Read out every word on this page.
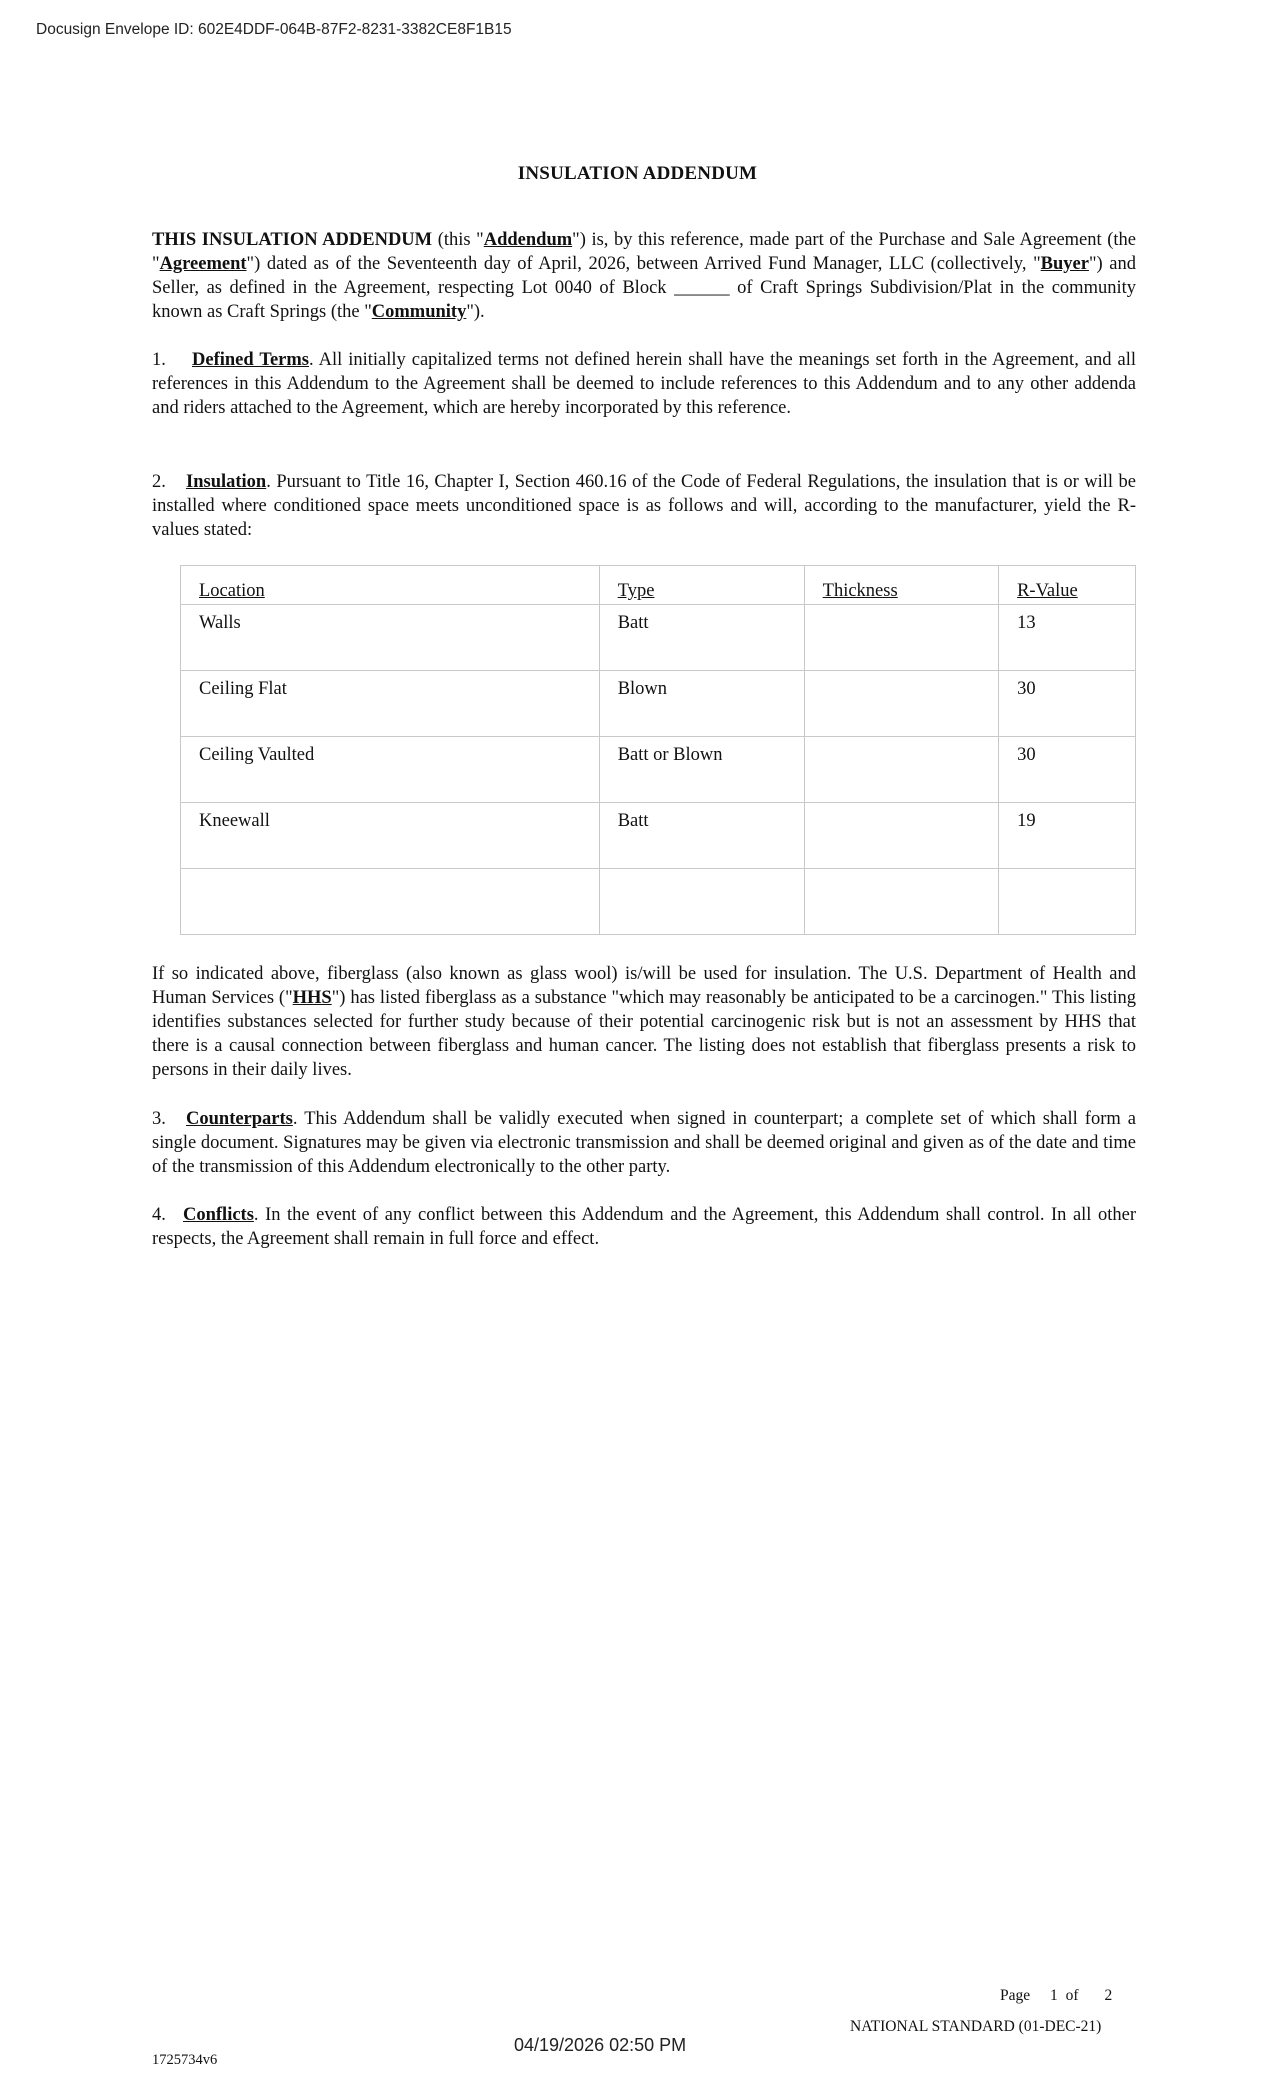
Docusign Envelope ID: 602E4DDF-064B-87F2-8231-3382CE8F1B15
INSULATION ADDENDUM

THIS INSULATION ADDENDUM (this "Addendum") is, by this reference, made part of the Purchase and Sale Agreement (the "Agreement") dated as of the Seventeenth day of April, 2026, between Arrived Fund Manager, LLC (collectively, "Buyer") and Seller, as defined in the Agreement, respecting Lot 0040 of Block ______ of Craft Springs Subdivision/Plat in the community known as Craft Springs (the "Community").

1. Defined Terms. All initially capitalized terms not defined herein shall have the meanings set forth in the Agreement, and all references in this Addendum to the Agreement shall be deemed to include references to this Addendum and to any other addenda and riders attached to the Agreement, which are hereby incorporated by this reference.

2. Insulation. Pursuant to Title 16, Chapter I, Section 460.16 of the Code of Federal Regulations, the insulation that is or will be installed where conditioned space meets unconditioned space is as follows and will, according to the manufacturer, yield the R-values stated:

Location	Type	Thickness	R-Value
Walls	Batt		13
Ceiling Flat	Blown		30
Ceiling Vaulted	Batt or Blown		30
Kneewall	Batt		19

If so indicated above, fiberglass (also known as glass wool) is/will be used for insulation. The U.S. Department of Health and Human Services ("HHS") has listed fiberglass as a substance "which may reasonably be anticipated to be a carcinogen." This listing identifies substances selected for further study because of their potential carcinogenic risk but is not an assessment by HHS that there is a causal connection between fiberglass and human cancer. The listing does not establish that fiberglass presents a risk to persons in their daily lives.

3. Counterparts. This Addendum shall be validly executed when signed in counterpart; a complete set of which shall form a single document. Signatures may be given via electronic transmission and shall be deemed original and given as of the date and time of the transmission of this Addendum electronically to the other party.

4. Conflicts. In the event of any conflict between this Addendum and the Agreement, this Addendum shall control. In all other respects, the Agreement shall remain in full force and effect.

Page 1 of 2
NATIONAL STANDARD (01-DEC-21)
04/19/2026 02:50 PM
1725734v6
